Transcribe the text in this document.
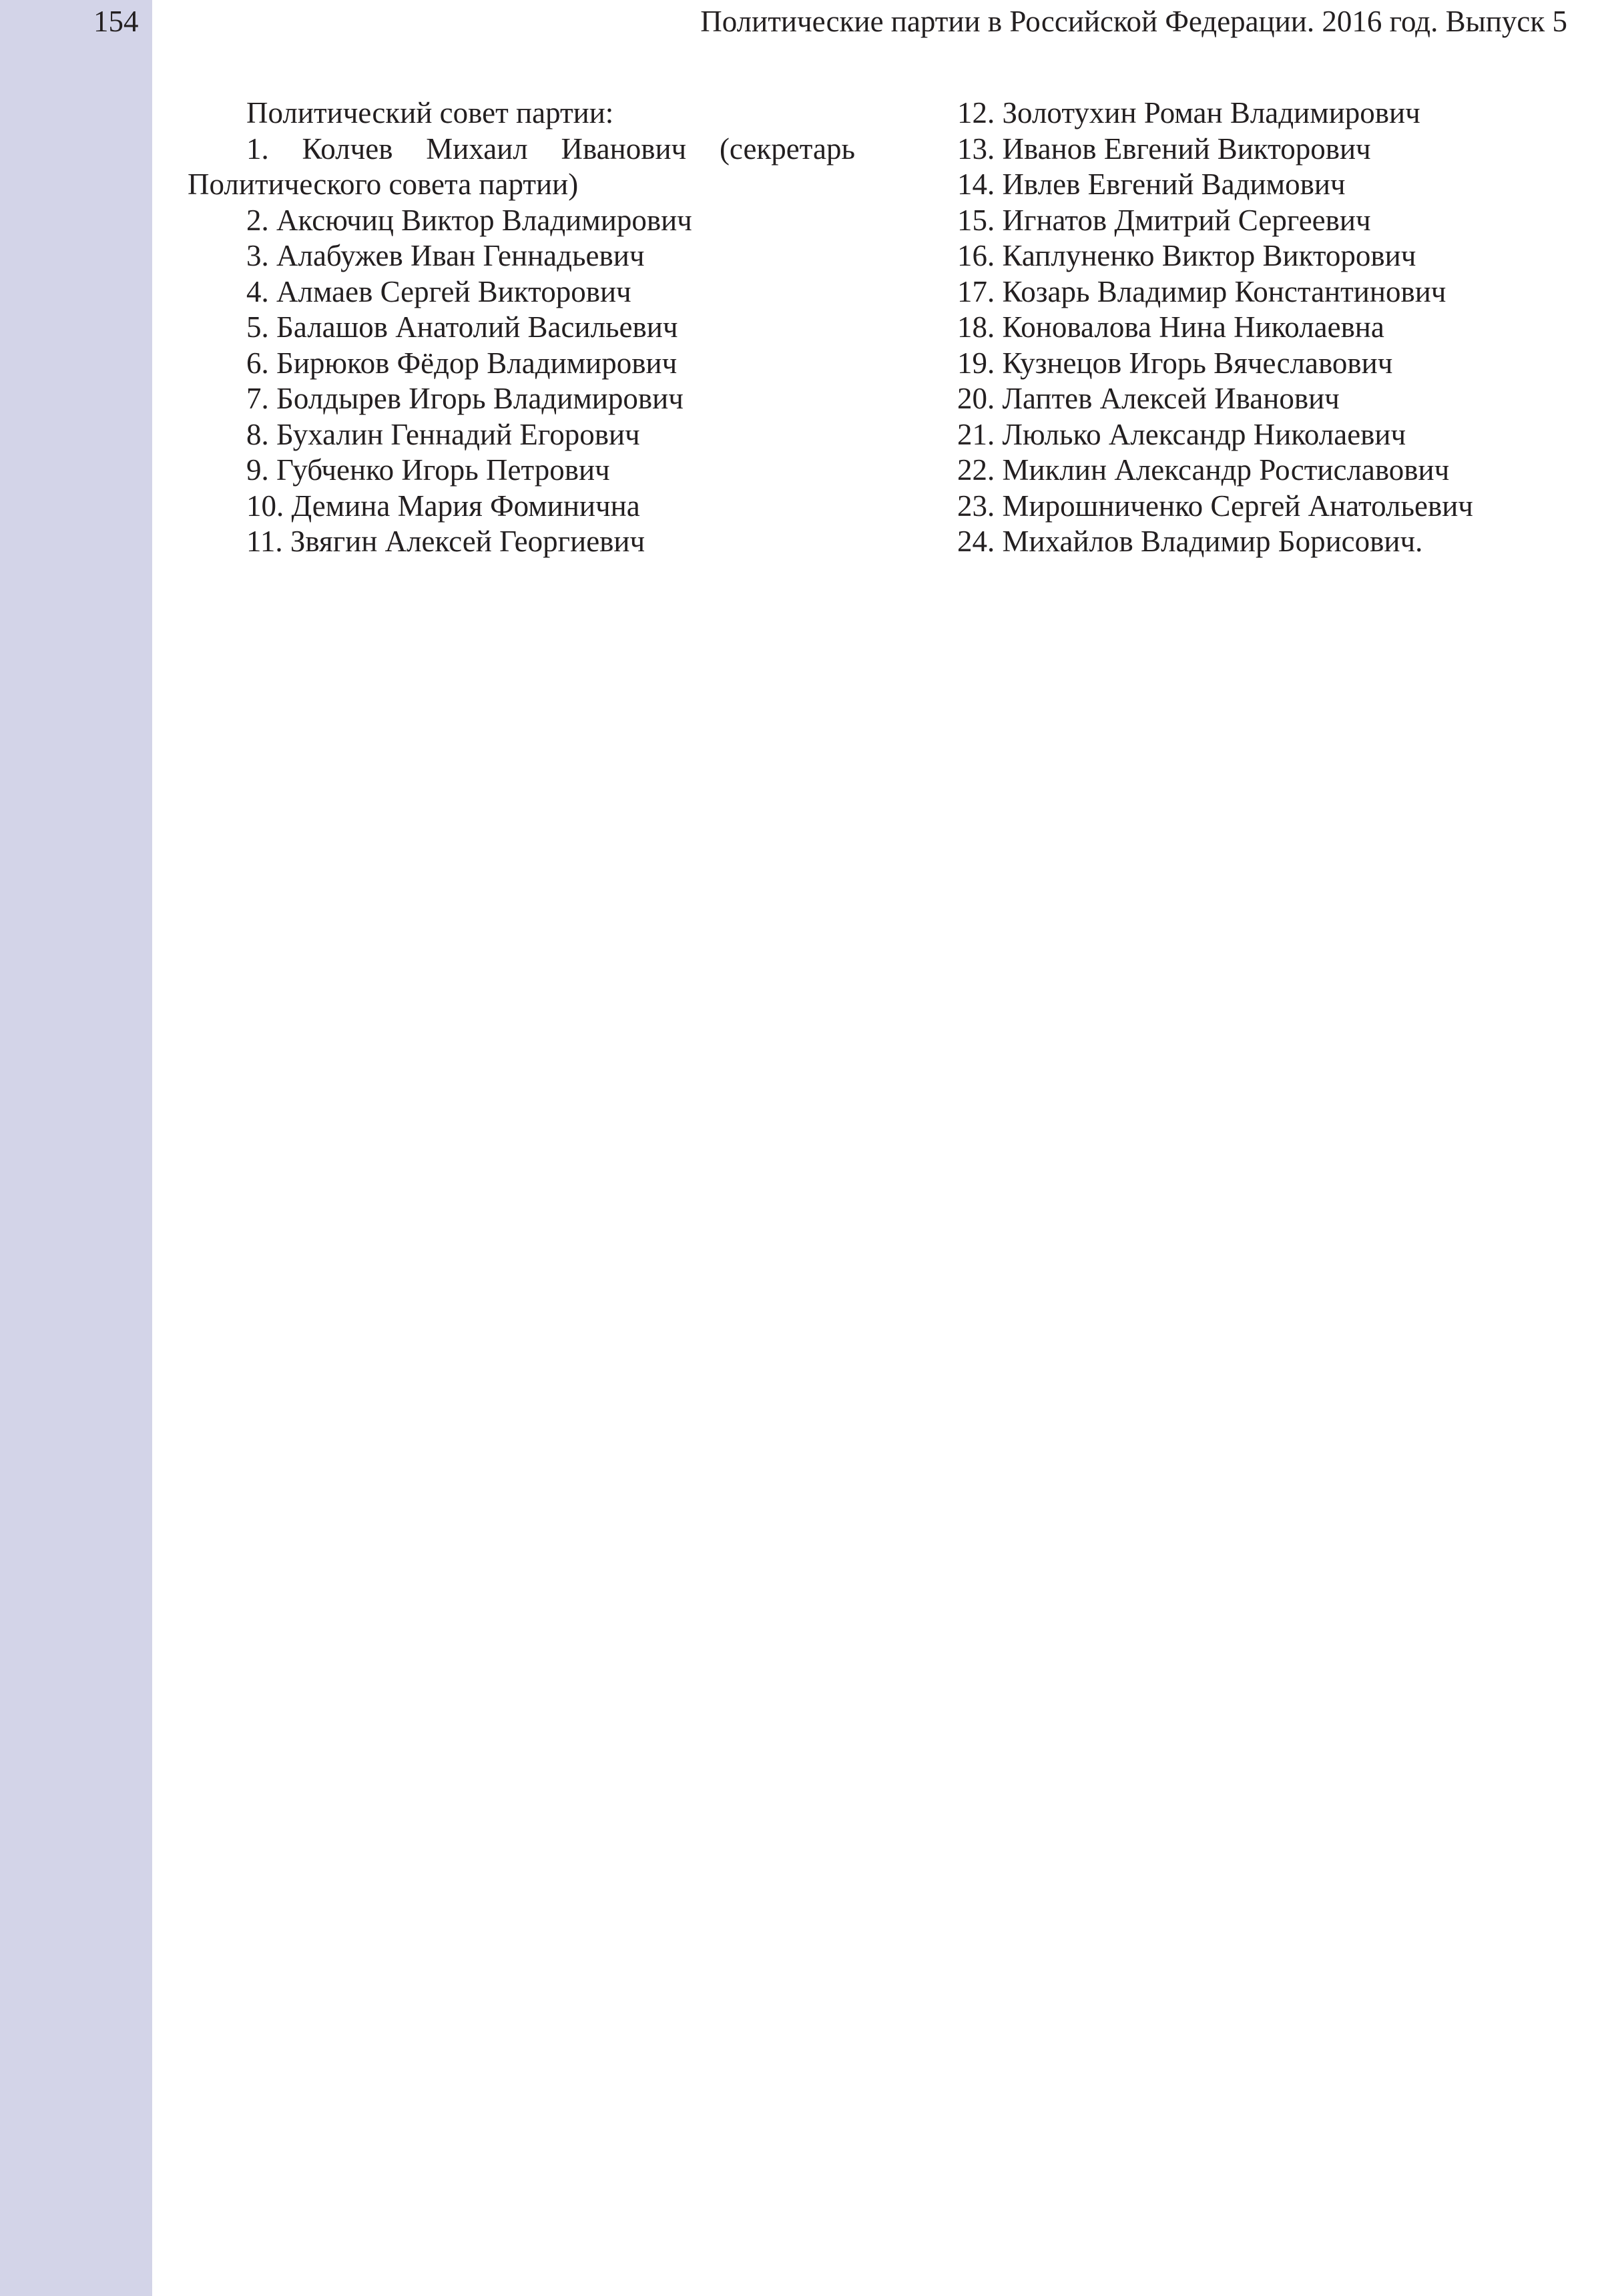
154	Политические партии в Российской Федерации. 2016 год. Выпуск 5
Политический совет партии:
1. Колчев Михаил Иванович (секретарь
Политического совета партии)
2. Аксючиц Виктор Владимирович
3. Алабужев Иван Геннадьевич
4. Алмаев Сергей Викторович
5. Балашов Анатолий Васильевич
6. Бирюков Фёдор Владимирович
7. Болдырев Игорь Владимирович
8. Бухалин Геннадий Егорович
9. Губченко Игорь Петрович
10. Демина Мария Фоминична
11. Звягин Алексей Георгиевич
12. Золотухин Роман Владимирович
13. Иванов Евгений Викторович
14. Ивлев Евгений Вадимович
15. Игнатов Дмитрий Сергеевич
16. Каплуненко Виктор Викторович
17. Козарь Владимир Константинович
18. Коновалова Нина Николаевна
19. Кузнецов Игорь Вячеславович
20. Лаптев Алексей Иванович
21. Люлько Александр Николаевич
22. Миклин Александр Ростиславович
23. Мирошниченко Сергей Анатольевич
24. Михайлов Владимир Борисович.
